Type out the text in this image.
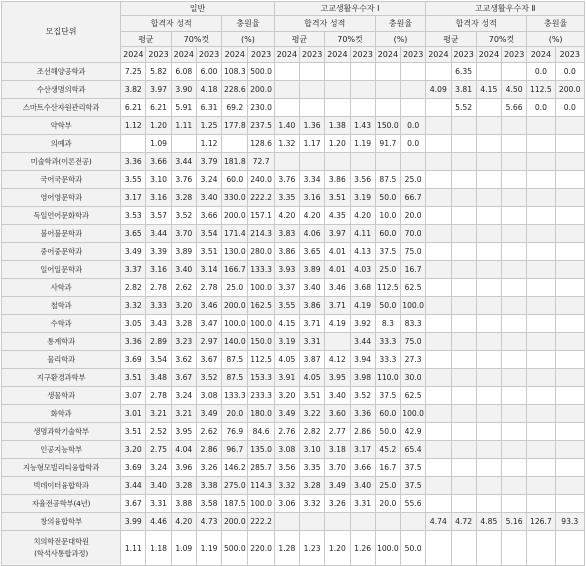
모집단위	일반						고교생활우수자 Ⅰ						고교생활우수자 Ⅱ					
	합격자 성적				충원율		합격자 성적				충원율		합격자 성적				충원율	
	평균		70%컷		(%)		평균		70%컷		(%)		평균		70%컷		(%)	
	2024	2023	2024	2023	2024	2023	2024	2023	2024	2023	2024	2023	2024	2023	2024	2023	2024	2023
조선해양공학과	7.25	5.82	6.08	6.00	108.3	500.0								6.35			0.0	0.0
수산생명의학과	3.82	3.97	3.90	4.18	228.6	200.0							4.09	3.81	4.15	4.50	112.5	200.0
스마트수산자원관리학과	6.21	6.21	5.91	6.31	69.2	230.0								5.52		5.66	0.0	0.0
약학부	1.12	1.20	1.11	1.25	177.8	237.5	1.40	1.36	1.38	1.43	150.0	0.0						
의예과		1.09		1.12		128.6	1.32	1.17	1.20	1.19	91.7	0.0						
미술학과(이론전공)	3.36	3.66	3.44	3.79	181.8	72.7												
국어국문학과	3.55	3.10	3.76	3.24	60.0	240.0	3.76	3.34	3.86	3.56	87.5	25.0						
영어영문학과	3.17	3.16	3.28	3.40	330.0	222.2	3.35	3.16	3.51	3.19	50.0	66.7						
독일언어문화학과	3.53	3.57	3.52	3.66	200.0	157.1	4.20	4.20	4.35	4.20	10.0	20.0						
불어불문학과	3.65	3.44	3.70	3.54	171.4	214.3	3.83	4.06	3.97	4.11	60.0	70.0						
중어중문학과	3.49	3.39	3.89	3.51	130.0	280.0	3.86	3.65	4.01	4.13	37.5	75.0						
일어일문학과	3.37	3.16	3.40	3.14	166.7	133.3	3.93	3.89	4.01	4.03	25.0	16.7						
사학과	2.82	2.78	2.62	2.78	25.0	100.0	3.37	3.40	3.46	3.68	112.5	62.5						
철학과	3.32	3.33	3.20	3.46	200.0	162.5	3.55	3.86	3.71	4.19	50.0	100.0						
수학과	3.05	3.43	3.28	3.47	100.0	100.0	4.15	3.71	4.19	3.92	8.3	83.3						
통계학과	3.36	2.89	3.23	2.97	140.0	150.0	3.19	3.31		3.44	33.3	75.0						
물리학과	3.69	3.54	3.62	3.67	87.5	112.5	4.05	3.87	4.12	3.94	33.3	27.3						
지구환경과학부	3.51	3.48	3.67	3.52	87.5	153.3	3.91	4.05	3.95	3.98	110.0	30.0						
생물학과	3.07	2.78	3.24	3.08	133.3	233.3	3.20	3.51	3.40	3.52	37.5	62.5						
화학과	3.01	3.21	3.21	3.49	20.0	180.0	3.49	3.22	3.60	3.36	60.0	100.0						
생명과학기술학부	3.51	2.52	3.95	2.62	76.9	84.6	2.76	2.82	2.77	2.86	50.0	42.9						
인공지능학부	3.20	2.75	4.04	2.86	96.7	135.0	3.08	3.10	3.18	3.17	45.2	65.4						
지능형모빌리티융합학과	3.69	3.24	3.96	3.26	146.2	285.7	3.56	3.35	3.70	3.66	16.7	37.5						
빅데이터융합학과	3.44	3.40	3.28	3.38	275.0	114.3	3.32	3.28	3.49	3.40	25.0	37.5						
자율전공학부(4년)	3.67	3.31	3.88	3.58	187.5	100.0	3.06	3.32	3.26	3.31	20.0	55.6						
창의융합학부	3.99	4.46	4.20	4.73	200.0	222.2							4.74	4.72	4.85	5.16	126.7	93.3

치의학전문대학원
(학석사통합과정)	1.11	1.18	1.09	1.19	500.0	220.0	1.28	1.23	1.20	1.26	100.0	50.0						
